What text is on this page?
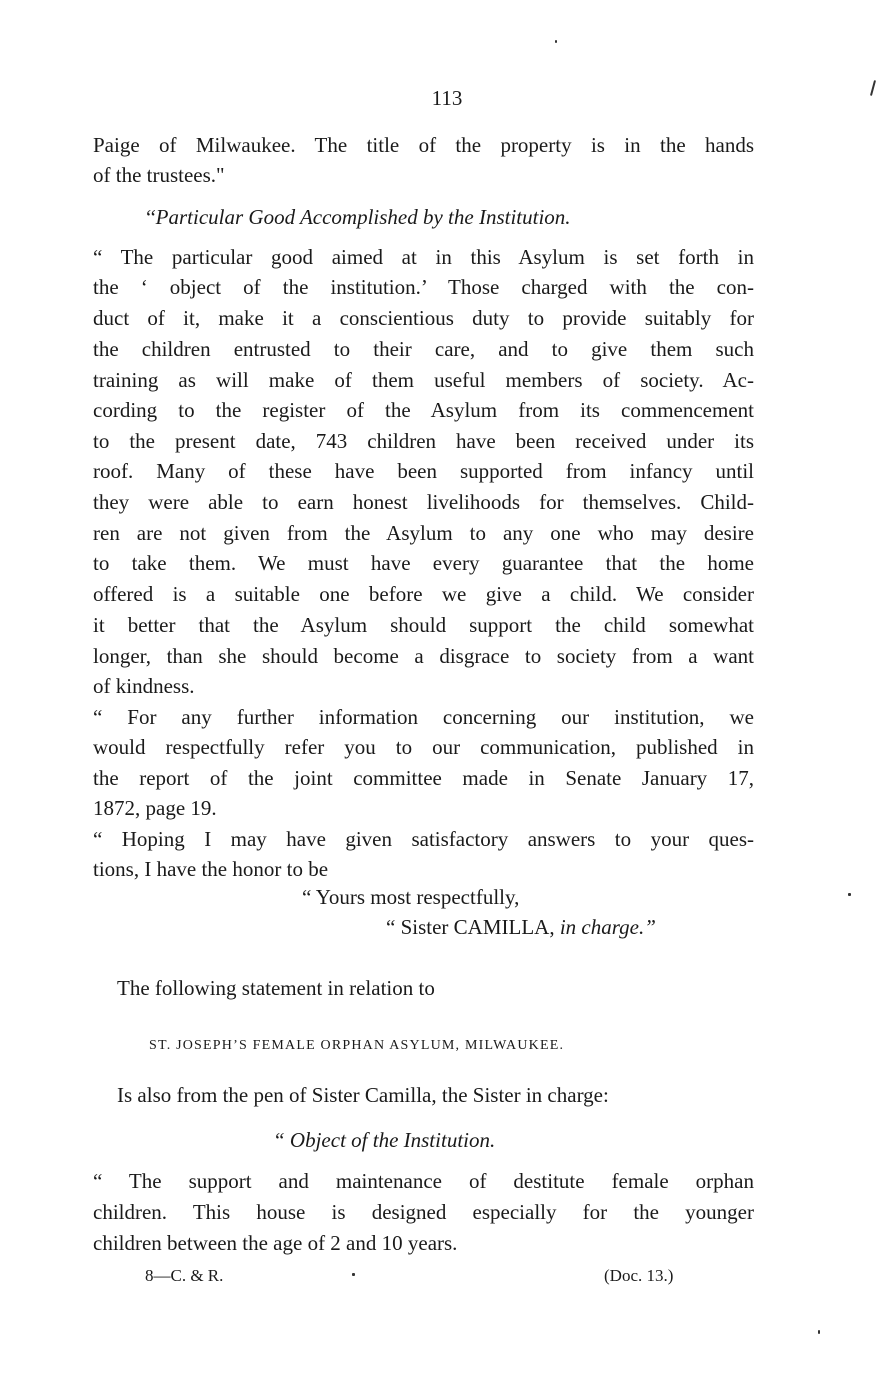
113
Paige of Milwaukee. The title of the property is in the hands
of the trustees."
‘‘Particular Good Accomplished by the Institution.
“ The particular good aimed at in this Asylum is set forth in
the ‘ object of the institution.’ Those charged with the con-
duct of it, make it a conscientious duty to provide suitably for
the children entrusted to their care, and to give them such
training as will make of them useful members of society. Ac-
cording to the register of the Asylum from its commencement
to the present date, 743 children have been received under its
roof. Many of these have been supported from infancy until
they were able to earn honest livelihoods for themselves. Child-
ren are not given from the Asylum to any one who may desire
to take them. We must have every guarantee that the home
offered is a suitable one before we give a child. We consider
it better that the Asylum should support the child somewhat
longer, than she should become a disgrace to society from a want
of kindness.
“ For any further information concerning our institution, we
would respectfully refer you to our communication, published in
the report of the joint committee made in Senate January 17,
1872, page 19.
“ Hoping I may have given satisfactory answers to your ques-
tions, I have the honor to be
“ Yours most respectfully,
“ Sister CAMILLA, in charge.”
The following statement in relation to
ST. JOSEPH’S FEMALE ORPHAN ASYLUM, MILWAUKEE.
Is also from the pen of Sister Camilla, the Sister in charge:
“ Object of the Institution.
“ The support and maintenance of destitute female orphan
children. This house is designed especially for the younger
children between the age of 2 and 10 years.
8—C. & R.	(Doc. 13.)
